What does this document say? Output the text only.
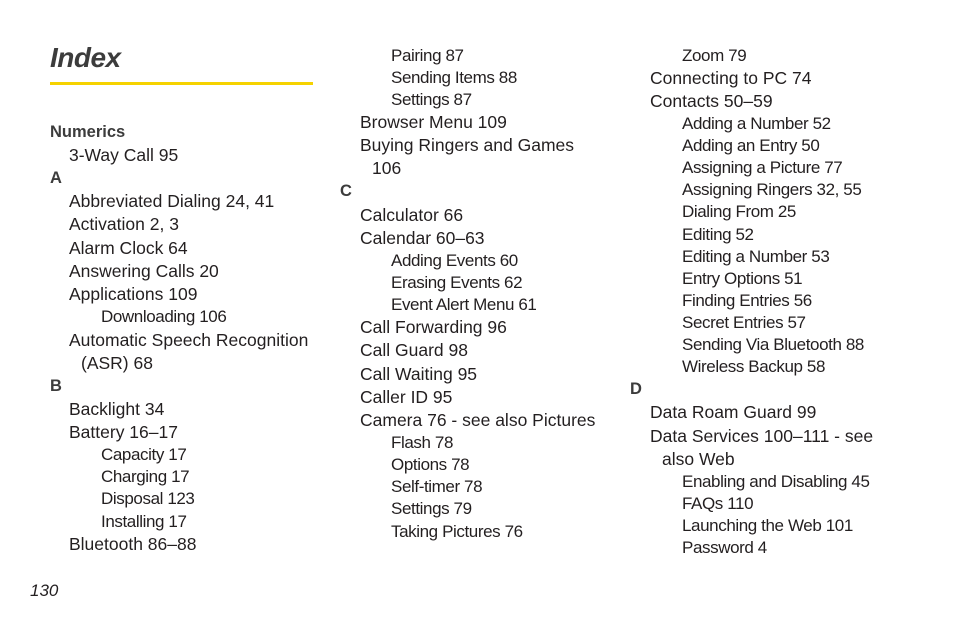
Index
Numerics
3-Way Call 95
A
Abbreviated Dialing 24, 41
Activation 2, 3
Alarm Clock 64
Answering Calls 20
Applications 109
Downloading 106
Automatic Speech Recognition
(ASR) 68
B
Backlight 34
Battery 16–17
Capacity 17
Charging 17
Disposal 123
Installing 17
Bluetooth 86–88
Pairing 87
Sending Items 88
Settings 87
Browser Menu 109
Buying Ringers and Games
106
C
Calculator 66
Calendar 60–63
Adding Events 60
Erasing Events 62
Event Alert Menu 61
Call Forwarding 96
Call Guard 98
Call Waiting 95
Caller ID 95
Camera 76 - see also Pictures
Flash 78
Options 78
Self-timer 78
Settings 79
Taking Pictures 76
Zoom 79
Connecting to PC 74
Contacts 50–59
Adding a Number 52
Adding an Entry 50
Assigning a Picture 77
Assigning Ringers 32, 55
Dialing From 25
Editing 52
Editing a Number 53
Entry Options 51
Finding Entries 56
Secret Entries 57
Sending Via Bluetooth 88
Wireless Backup 58
D
Data Roam Guard 99
Data Services 100–111 - see
also Web
Enabling and Disabling 45
FAQs 110
Launching the Web 101
Password 4
130
